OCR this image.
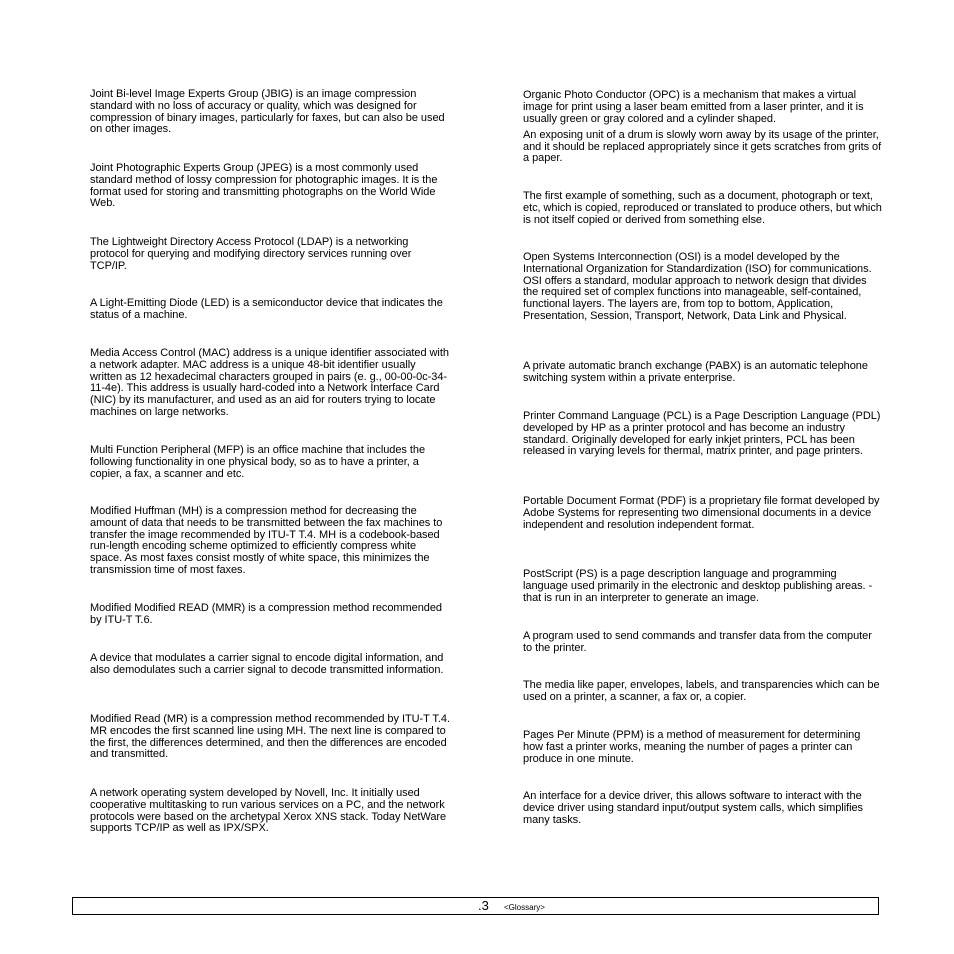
Joint Bi-level Image Experts Group (JBIG) is an image compression standard with no loss of accuracy or quality, which was designed for compression of binary images, particularly for faxes, but can also be used on other images.

Joint Photographic Experts Group (JPEG) is a most commonly used standard method of lossy compression for photographic images. It is the format used for storing and transmitting photographs on the World Wide Web.

The Lightweight Directory Access Protocol (LDAP) is a networking protocol for querying and modifying directory services running over TCP/IP.

A Light-Emitting Diode (LED) is a semiconductor device that indicates the status of a machine.

Media Access Control (MAC) address is a unique identifier associated with a network adapter. MAC address is a unique 48-bit identifier usually written as 12 hexadecimal characters grouped in pairs (e. g., 00-00-0c-34-11-4e). This address is usually hard-coded into a Network Interface Card (NIC) by its manufacturer, and used as an aid for routers trying to locate machines on large networks.

Multi Function Peripheral (MFP) is an office machine that includes the following functionality in one physical body, so as to have a printer, a copier, a fax, a scanner and etc.

Modified Huffman (MH) is a compression method for decreasing the amount of data that needs to be transmitted between the fax machines to transfer the image recommended by ITU-T T.4. MH is a codebook-based run-length encoding scheme optimized to efficiently compress white space. As most faxes consist mostly of white space, this minimizes the transmission time of most faxes.

Modified Modified READ (MMR) is a compression method recommended by ITU-T T.6.

A device that modulates a carrier signal to encode digital information, and also demodulates such a carrier signal to decode transmitted information.

Modified Read (MR) is a compression method recommended by ITU-T T.4. MR encodes the first scanned line using MH. The next line is compared to the first, the differences determined, and then the differences are encoded and transmitted.

A network operating system developed by Novell, Inc. It initially used cooperative multitasking to run various services on a PC, and the network protocols were based on the archetypal Xerox XNS stack. Today NetWare supports TCP/IP as well as IPX/SPX.

Organic Photo Conductor (OPC) is a mechanism that makes a virtual image for print using a laser beam emitted from a laser printer, and it is usually green or gray colored and a cylinder shaped.

An exposing unit of a drum is slowly worn away by its usage of the printer, and it should be replaced appropriately since it gets scratches from grits of a paper.

The first example of something, such as a document, photograph or text, etc, which is copied, reproduced or translated to produce others, but which is not itself copied or derived from something else.

Open Systems Interconnection (OSI) is a model developed by the International Organization for Standardization (ISO) for communications. OSI offers a standard, modular approach to network design that divides the required set of complex functions into manageable, self-contained, functional layers. The layers are, from top to bottom, Application, Presentation, Session, Transport, Network, Data Link and Physical.

A private automatic branch exchange (PABX) is an automatic telephone switching system within a private enterprise.

Printer Command Language (PCL) is a Page Description Language (PDL) developed by HP as a printer protocol and has become an industry standard. Originally developed for early inkjet printers, PCL has been released in varying levels for thermal, matrix printer, and page printers.

Portable Document Format (PDF) is a proprietary file format developed by Adobe Systems for representing two dimensional documents in a device independent and resolution independent format.

PostScript (PS) is a page description language and programming language used primarily in the electronic and desktop publishing areas. - that is run in an interpreter to generate an image.

A program used to send commands and transfer data from the computer to the printer.

The media like paper, envelopes, labels, and transparencies which can be used on a printer, a scanner, a fax or, a copier.

Pages Per Minute (PPM) is a method of measurement for determining how fast a printer works, meaning the number of pages a printer can produce in one minute.

An interface for a device driver, this allows software to interact with the device driver using standard input/output system calls, which simplifies many tasks.

.3 <Glossary>
